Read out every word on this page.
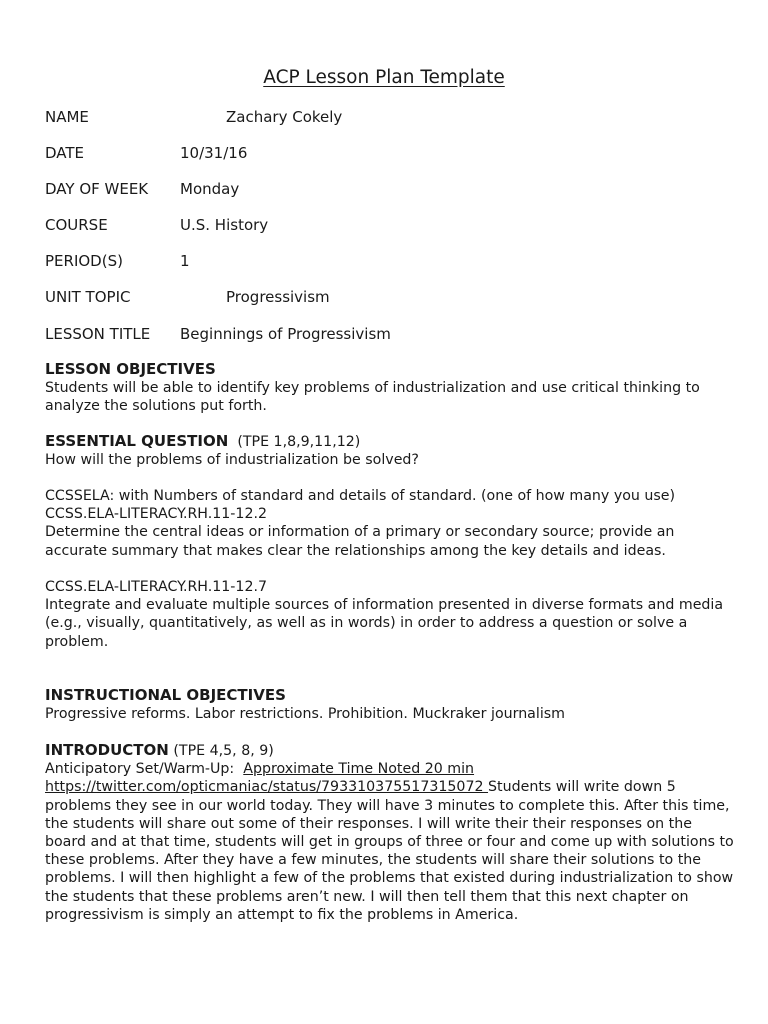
ACP Lesson Plan Template
NAME	Zachary Cokely
DATE	10/31/16
DAY OF WEEK Monday
COURSE	U.S. History
PERIOD(S)	1
UNIT TOPIC	Progressivism
LESSON TITLE Beginnings of Progressivism

LESSON OBJECTIVES

Students will be able to identify key problems of industrialization and use critical thinking to analyze the solutions put forth.

ESSENTIAL QUESTION (TPE 1,8,9,11,12)

How will the problems of industrialization be solved?

CCSSELA: with Numbers of standard and details of standard. (one of how many you use)

CCSS.ELA-LITERACY.RH.11-12.2

Determine the central ideas or information of a primary or secondary source; provide an accurate summary that makes clear the relationships among the key details and ideas.

CCSS.ELA-LITERACY.RH.11-12.7

Integrate and evaluate multiple sources of information presented in diverse formats and media (e.g., visually, quantitatively, as well as in words) in order to address a question or solve a problem.

INSTRUCTIONAL OBJECTIVES

Progressive reforms. Labor restrictions. Prohibition. Muckraker journalism

INTRODUCTON (TPE 4,5, 8, 9)

Anticipatory Set/Warm-Up: Approximate Time Noted 20 min

https://twitter.com/opticmaniac/status/793310375517315072 Students will write down 5 problems they see in our world today. They will have 3 minutes to complete this. After this time, the students will share out some of their responses. I will write their their responses on the board and at that time, students will get in groups of three or four and come up with solutions to these problems. After they have a few minutes, the students will share their solutions to the problems. I will then highlight a few of the problems that existed during industrialization to show the students that these problems aren’t new. I will then tell them that this next chapter on progressivism is simply an attempt to fix the problems in America.
